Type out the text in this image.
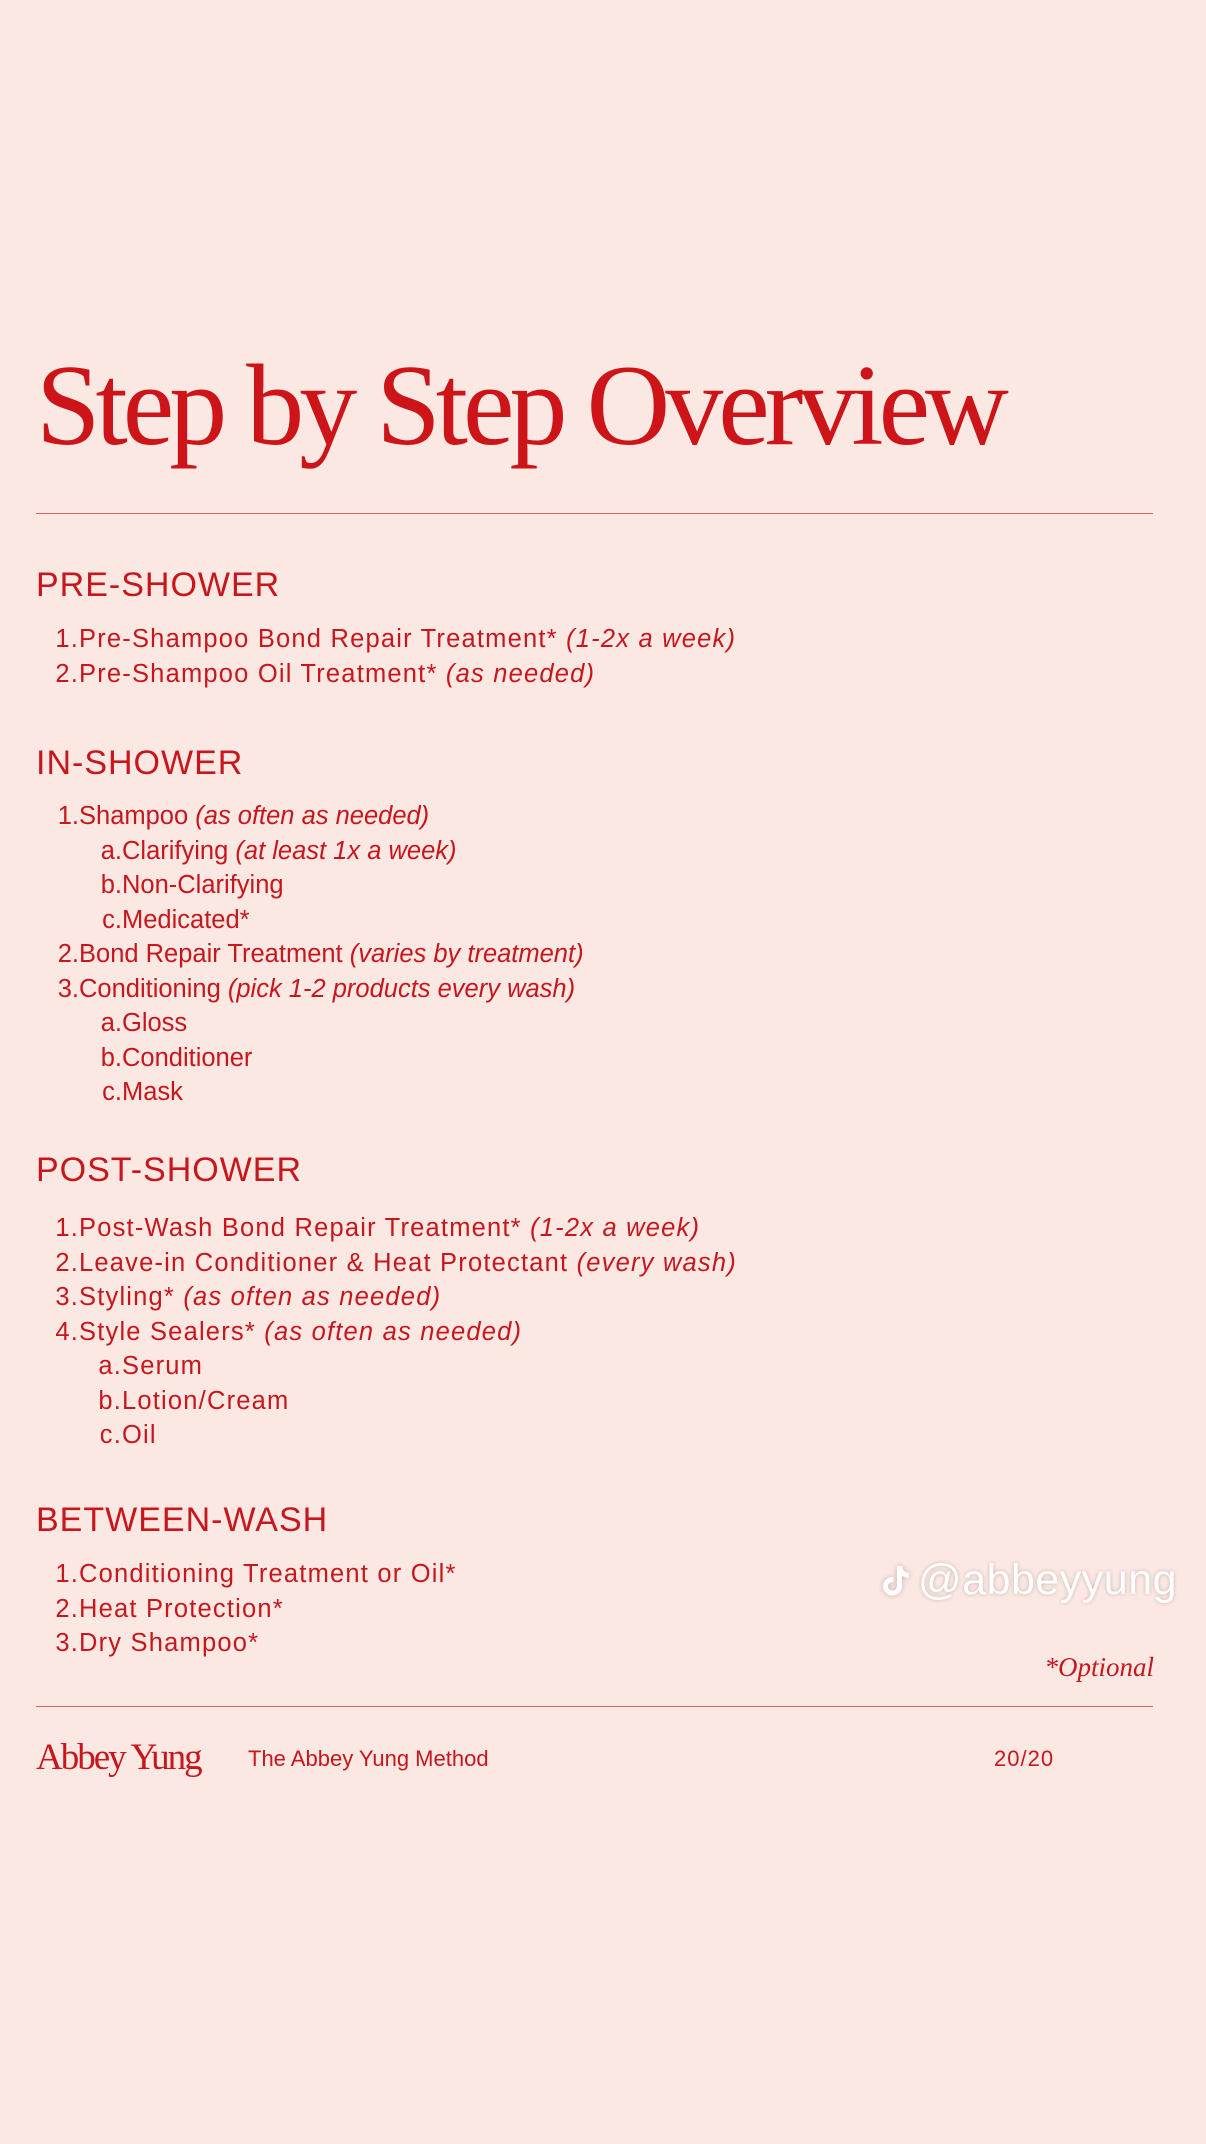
Step by Step Overview
PRE-SHOWER
1. Pre-Shampoo Bond Repair Treatment* (1-2x a week)
2. Pre-Shampoo Oil Treatment* (as needed)
IN-SHOWER
1. Shampoo (as often as needed)
a. Clarifying (at least 1x a week)
b. Non-Clarifying
c. Medicated*
2. Bond Repair Treatment (varies by treatment)
3. Conditioning (pick 1-2 products every wash)
a. Gloss
b. Conditioner
c. Mask
POST-SHOWER
1. Post-Wash Bond Repair Treatment* (1-2x a week)
2. Leave-in Conditioner & Heat Protectant (every wash)
3. Styling* (as often as needed)
4. Style Sealers* (as often as needed)
a. Serum
b. Lotion/Cream
c. Oil
BETWEEN-WASH
1. Conditioning Treatment or Oil*
2. Heat Protection*
3. Dry Shampoo*
@abbeyyung
*Optional
Abbey Yung The Abbey Yung Method	20/20
